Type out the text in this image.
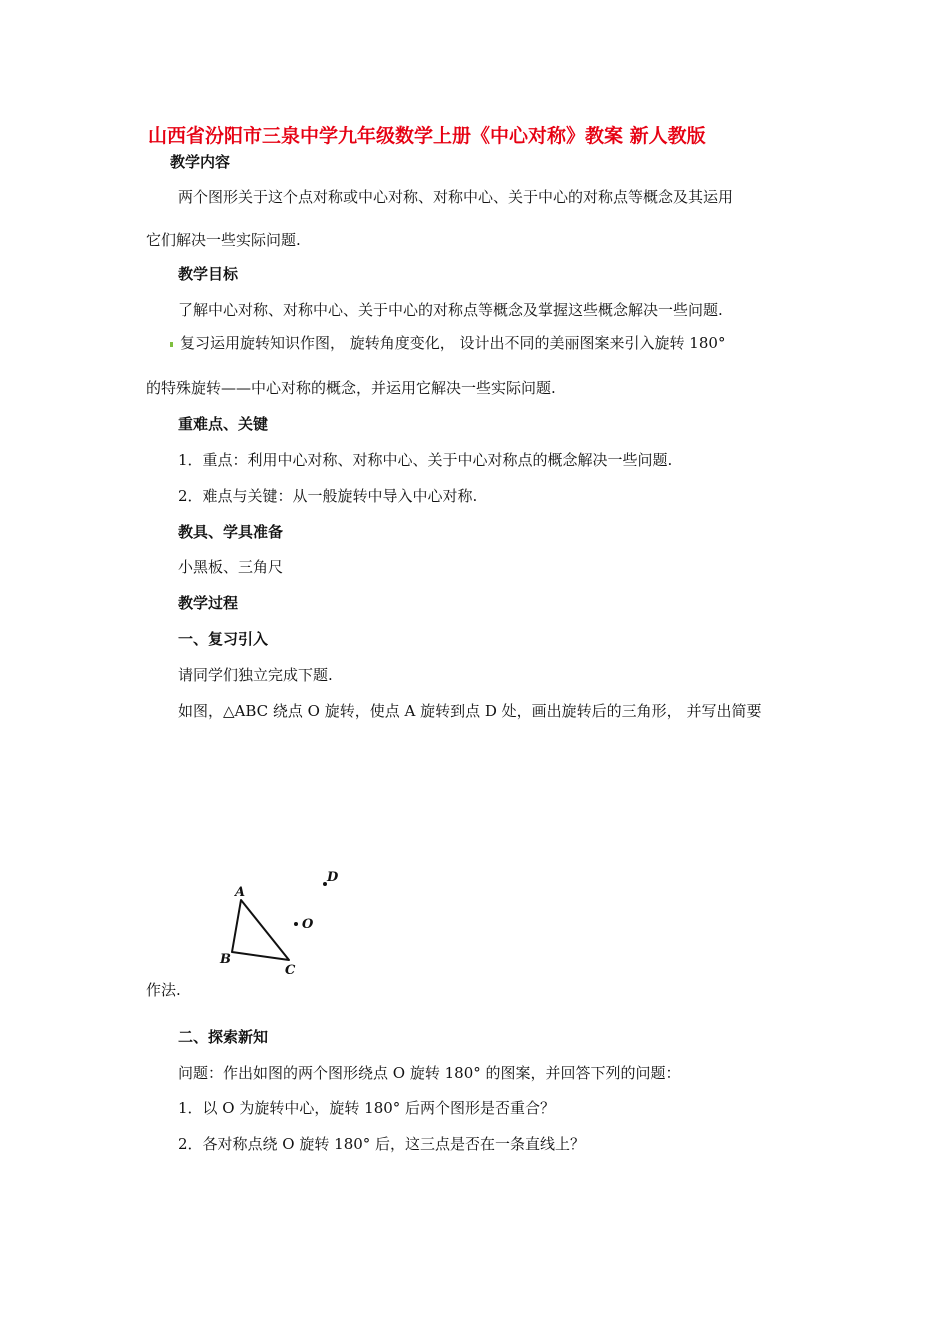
山西省汾阳市三泉中学九年级数学上册《中心对称》教案 新人教版
教学内容
两个图形关于这个点对称或中心对称、对称中心、关于中心的对称点等概念及其运用
它们解决一些实际问题.
教学目标
了解中心对称、对称中心、关于中心的对称点等概念及掌握这些概念解决一些问题.
复习运用旋转知识作图， 旋转角度变化， 设计出不同的美丽图案来引入旋转 180°
的特殊旋转——中心对称的概念，并运用它解决一些实际问题.
重难点、关键
1．重点：利用中心对称、对称中心、关于中心对称点的概念解决一些问题.
2．难点与关键：从一般旋转中导入中心对称.
教具、学具准备
小黑板、三角尺
教学过程
一、复习引入
请同学们独立完成下题.
如图，△ABC 绕点 O 旋转，使点 A 旋转到点 D 处，画出旋转后的三角形， 并写出简要
A
B
C
D
O
作法.
二、探索新知
问题：作出如图的两个图形绕点 O 旋转 180° 的图案，并回答下列的问题：
1．以 O 为旋转中心，旋转 180° 后两个图形是否重合？
2．各对称点绕 O 旋转 180° 后，这三点是否在一条直线上？
